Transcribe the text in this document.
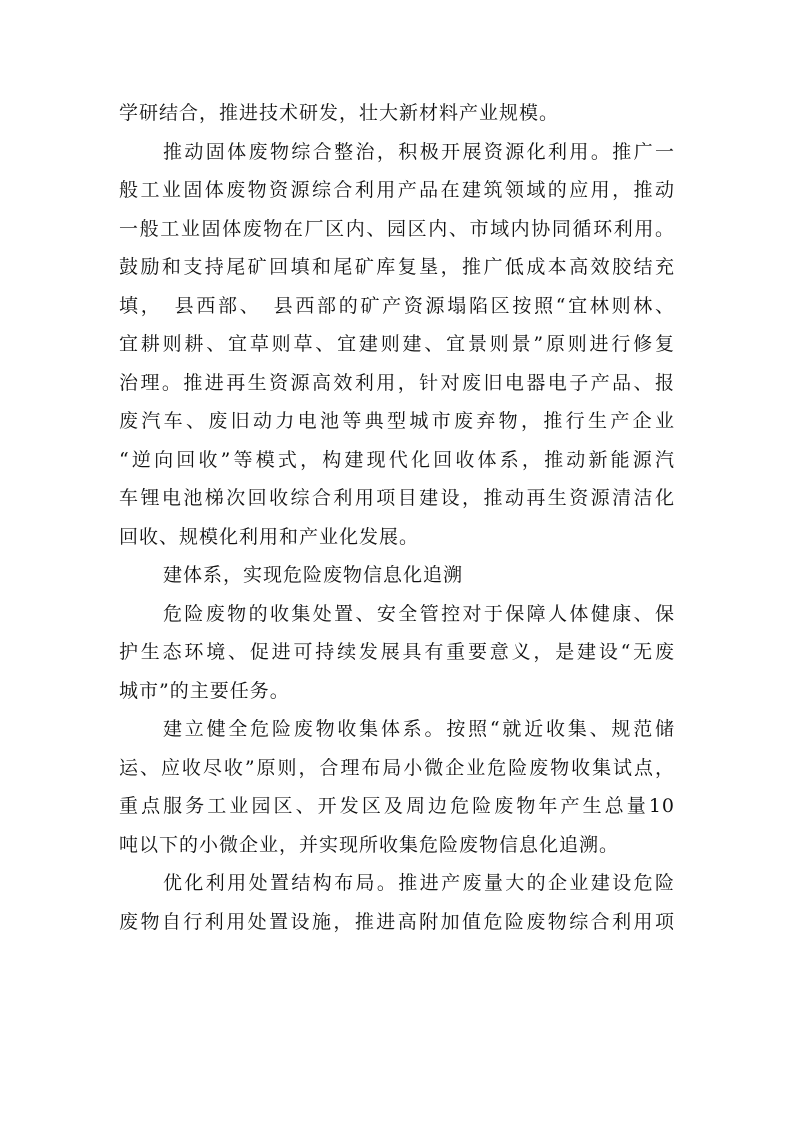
学研结合，推进技术研发，壮大新材料产业规模。
推动固体废物综合整治，积极开展资源化利用。推广一
般工业固体废物资源综合利用产品在建筑领域的应用，推动
一般工业固体废物在厂区内、园区内、市域内协同循环利用。
鼓励和支持尾矿回填和尾矿库复垦，推广低成本高效胶结充
填，　县西部、　县西部的矿产资源塌陷区按照“宜林则林、
宜耕则耕、宜草则草、宜建则建、宜景则景”原则进行修复
治理。推进再生资源高效利用，针对废旧电器电子产品、报
废汽车、废旧动力电池等典型城市废弃物，推行生产企业
“逆向回收”等模式，构建现代化回收体系，推动新能源汽
车锂电池梯次回收综合利用项目建设，推动再生资源清洁化
回收、规模化利用和产业化发展。
建体系，实现危险废物信息化追溯
危险废物的收集处置、安全管控对于保障人体健康、保
护生态环境、促进可持续发展具有重要意义，是建设“无废
城市”的主要任务。
建立健全危险废物收集体系。按照“就近收集、规范储
运、应收尽收”原则，合理布局小微企业危险废物收集试点，
重点服务工业园区、开发区及周边危险废物年产生总量10
吨以下的小微企业，并实现所收集危险废物信息化追溯。
优化利用处置结构布局。推进产废量大的企业建设危险
废物自行利用处置设施，推进高附加值危险废物综合利用项
